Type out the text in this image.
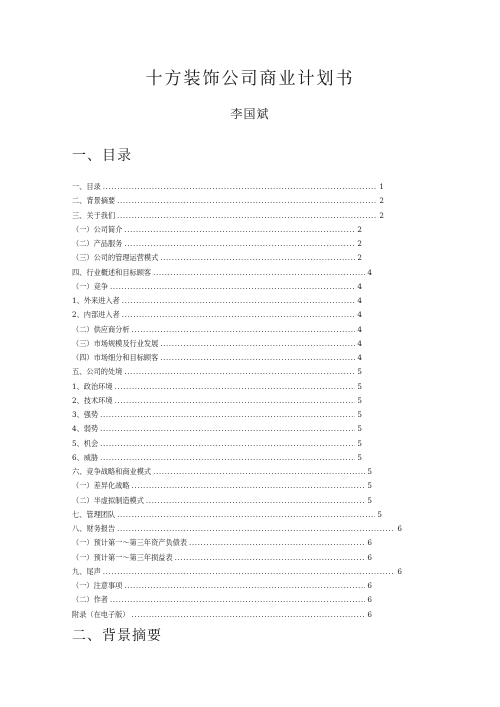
十方装饰公司商业计划书
李国斌
一、目录
一、目录 .....	1
二、背景摘要 .....	2
三、关于我们 .....	2
（一）公司简介 .....	2
（二）产品服务 .....	2
（三）公司的管理运营模式 .....	2
四、行业概述和目标顾客 .....	4
（一）竞争 .....	4
1、外来进入者 .....	4
2、内部进入者 .....	4
（二）供应商分析 .....	4
（三）市场规模及行业发展 .....	4
（四）市场细分和目标顾客 .....	4
五、公司的处境 .....	5
1、政治环境 .....	5
2、技术环境 .....	5
3、强势 .....	5
4、弱势 .....	5
5、机会 .....	5
6、威胁 .....	5
六、竞争战略和商业模式 .....	5
（一）差异化战略 .....	5
（二）半虚拟制造模式 .....	5
七、管理团队 .....	5
八、财务报告 .....	6
（一）预计第一～第三年资产负债表 .....	6
（一）预计第一～第三年损益表 .....	6
九、尾声 .....	6
（一）注意事项 .....	6
（二）作者 .....	6
附录（在电子版） .....	6
二、背景摘要
